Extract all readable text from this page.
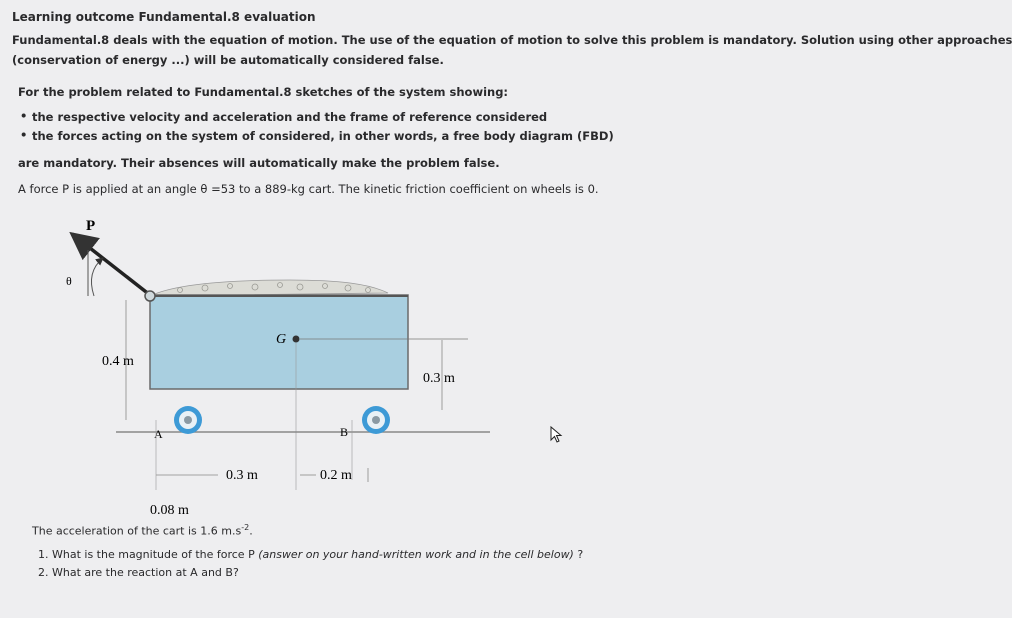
Learning outcome Fundamental.8 evaluation
Fundamental.8 deals with the equation of motion. The use of the equation of motion to solve this problem is mandatory. Solution using other approaches
(conservation of energy ...) will be automatically considered false.
For the problem related to Fundamental.8 sketches of the system showing:
• the respective velocity and acceleration and the frame of reference considered
• the forces acting on the system of considered, in other words, a free body diagram (FBD)
are mandatory. Their absences will automatically make the problem false.
A force P is applied at an angle θ =53 to a 889-kg cart. The kinetic friction coefficient on wheels is 0.
P
θ
G
A	B
0.4 m
0.3 m
0.3 m	0.2 m
0.08 m
The acceleration of the cart is 1.6 $m.s^{-2}$.
1. What is the magnitude of the force P (answer on your hand-written work and in the cell below) ?
2. What are the reaction at A and B?
